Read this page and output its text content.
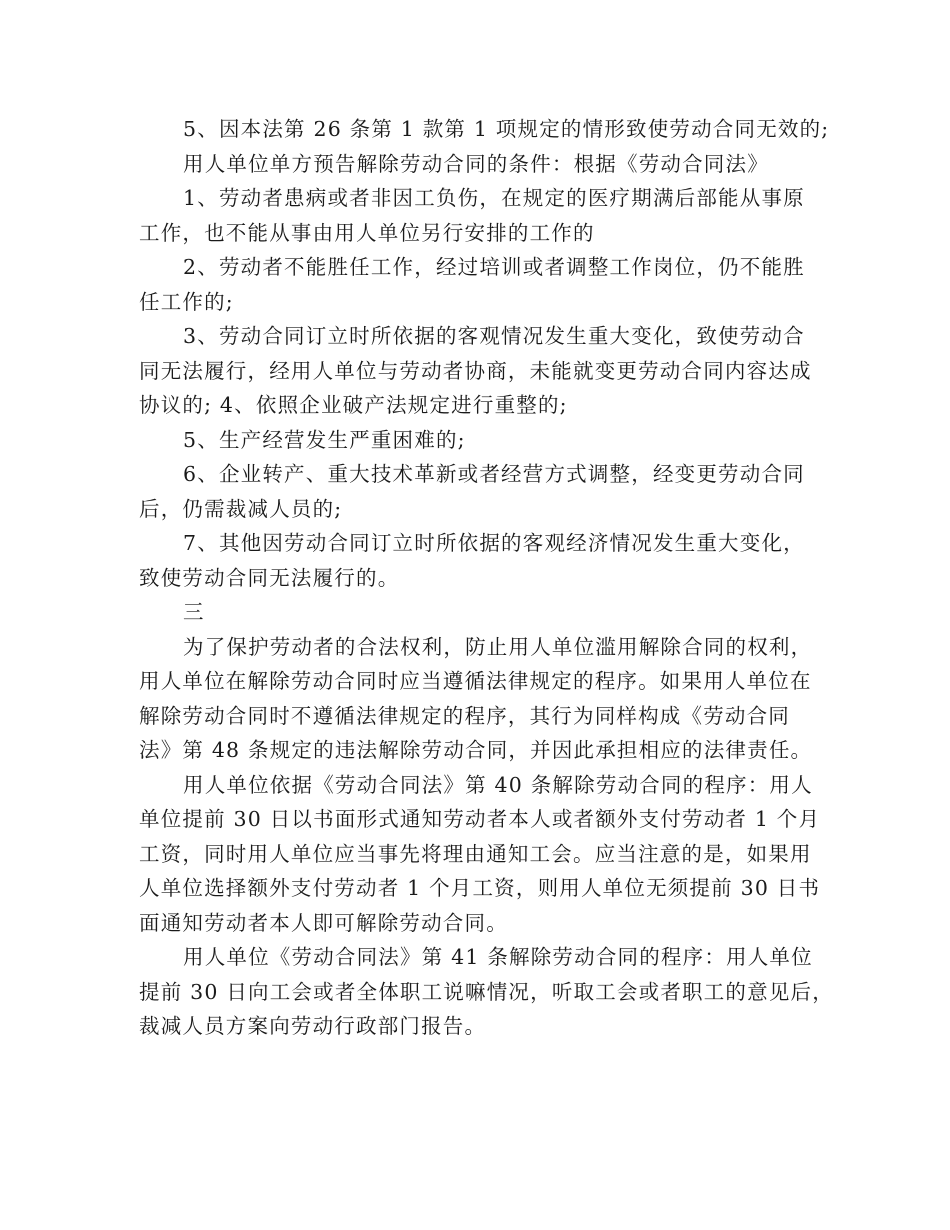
5、因本法第 26 条第 1 款第 1 项规定的情形致使劳动合同无效的;
用人单位单方预告解除劳动合同的条件：根据《劳动合同法》
1、劳动者患病或者非因工负伤，在规定的医疗期满后部能从事原
工作，也不能从事由用人单位另行安排的工作的
2、劳动者不能胜任工作，经过培训或者调整工作岗位，仍不能胜
任工作的;
3、劳动合同订立时所依据的客观情况发生重大变化，致使劳动合
同无法履行，经用人单位与劳动者协商，未能就变更劳动合同内容达成
协议的; 4、依照企业破产法规定进行重整的;
5、生产经营发生严重困难的;
6、企业转产、重大技术革新或者经营方式调整，经变更劳动合同
后，仍需裁减人员的;
7、其他因劳动合同订立时所依据的客观经济情况发生重大变化，
致使劳动合同无法履行的。
三
为了保护劳动者的合法权利，防止用人单位滥用解除合同的权利，
用人单位在解除劳动合同时应当遵循法律规定的程序。如果用人单位在
解除劳动合同时不遵循法律规定的程序，其行为同样构成《劳动合同
法》第 48 条规定的违法解除劳动合同，并因此承担相应的法律责任。
用人单位依据《劳动合同法》第 40 条解除劳动合同的程序：用人
单位提前 30 日以书面形式通知劳动者本人或者额外支付劳动者 1 个月
工资，同时用人单位应当事先将理由通知工会。应当注意的是，如果用
人单位选择额外支付劳动者 1 个月工资，则用人单位无须提前 30 日书
面通知劳动者本人即可解除劳动合同。
用人单位《劳动合同法》第 41 条解除劳动合同的程序：用人单位
提前 30 日向工会或者全体职工说嘛情况，听取工会或者职工的意见后，
裁减人员方案向劳动行政部门报告。
